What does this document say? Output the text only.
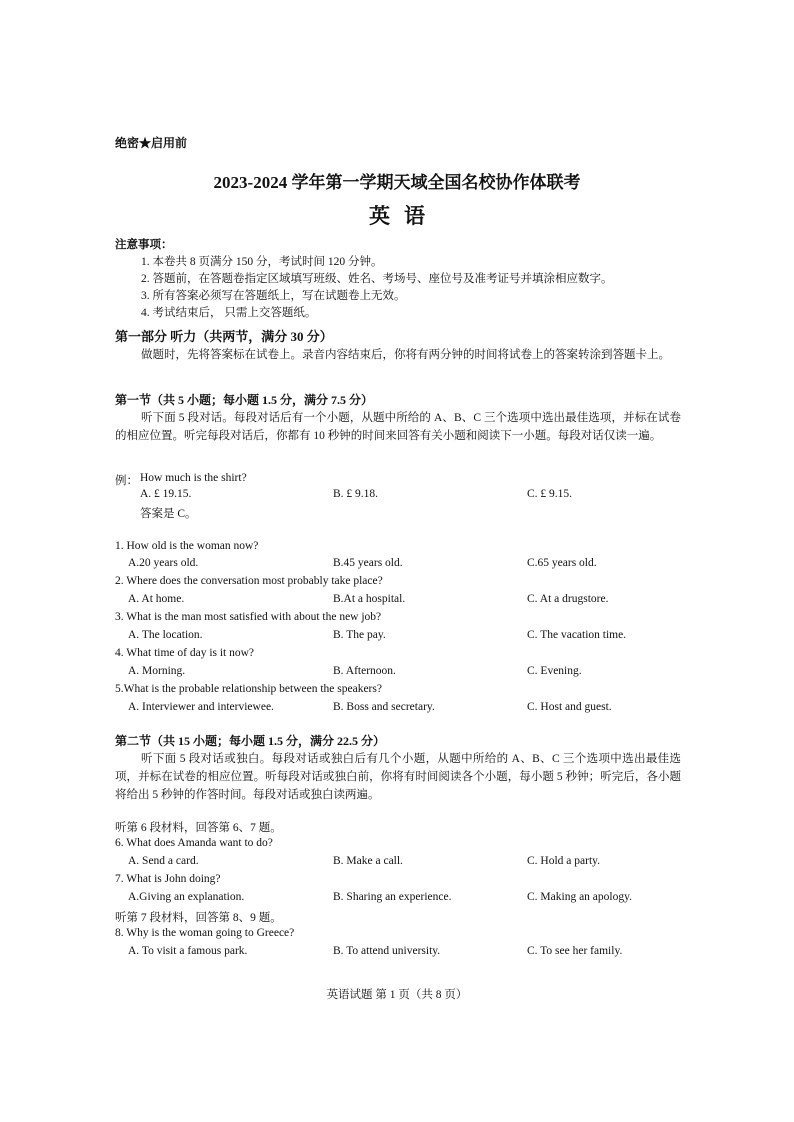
绝密★启用前
2023-2024 学年第一学期天域全国名校协作体联考
英语
注意事项：
1. 本卷共 8 页满分 150 分，考试时间 120 分钟。
2. 答题前，在答题卷指定区域填写班级、姓名、考场号、座位号及准考证号并填涂相应数字。
3. 所有答案必须写在答题纸上，写在试题卷上无效。
4. 考试结束后， 只需上交答题纸。
第一部分 听力（共两节，满分 30 分）
做题时，先将答案标在试卷上。录音内容结束后，你将有两分钟的时间将试卷上的答案转涂到答题卡上。
第一节（共 5 小题；每小题 1.5 分，满分 7.5 分）
听下面 5 段对话。每段对话后有一个小题，从题中所给的 A、B、C 三个选项中选出最佳选项，并标在试卷的相应位置。听完每段对话后，你都有 10 秒钟的时间来回答有关小题和阅读下一小题。每段对话仅读一遍。
例： How much is the shirt?
A. £ 19.15.	B. £ 9.18.	C. £ 9.15.
答案是 C。
1. How old is the woman now?
A.20 years old.	B.45 years old.	C.65 years old.
2. Where does the conversation most probably take place?
A. At home.	B.At a hospital.	C. At a drugstore.
3. What is the man most satisfied with about the new job?
A. The location.	B. The pay.	C. The vacation time.
4. What time of day is it now?
A. Morning.	B. Afternoon.	C. Evening.
5.What is the probable relationship between the speakers?
A. Interviewer and interviewee.	B. Boss and secretary.	C. Host and guest.
第二节（共 15 小题；每小题 1.5 分，满分 22.5 分）
听下面 5 段对话或独白。每段对话或独白后有几个小题，从题中所给的 A、B、C 三个选项中选出最佳选项，并标在试卷的相应位置。听每段对话或独白前，你将有时间阅读各个小题，每小题 5 秒钟；听完后，各小题将给出 5 秒钟的作答时间。每段对话或独白读两遍。
听第 6 段材料，回答第 6、7 题。
6. What does Amanda want to do?
A. Send a card.	B. Make a call.	C. Hold a party.
7. What is John doing?
A.Giving an explanation.	B. Sharing an experience.	C. Making an apology.
听第 7 段材料，回答第 8、9 题。
8. Why is the woman going to Greece?
A. To visit a famous park.	B. To attend university.	C. To see her family.
英语试题 第 1 页（共 8 页）
